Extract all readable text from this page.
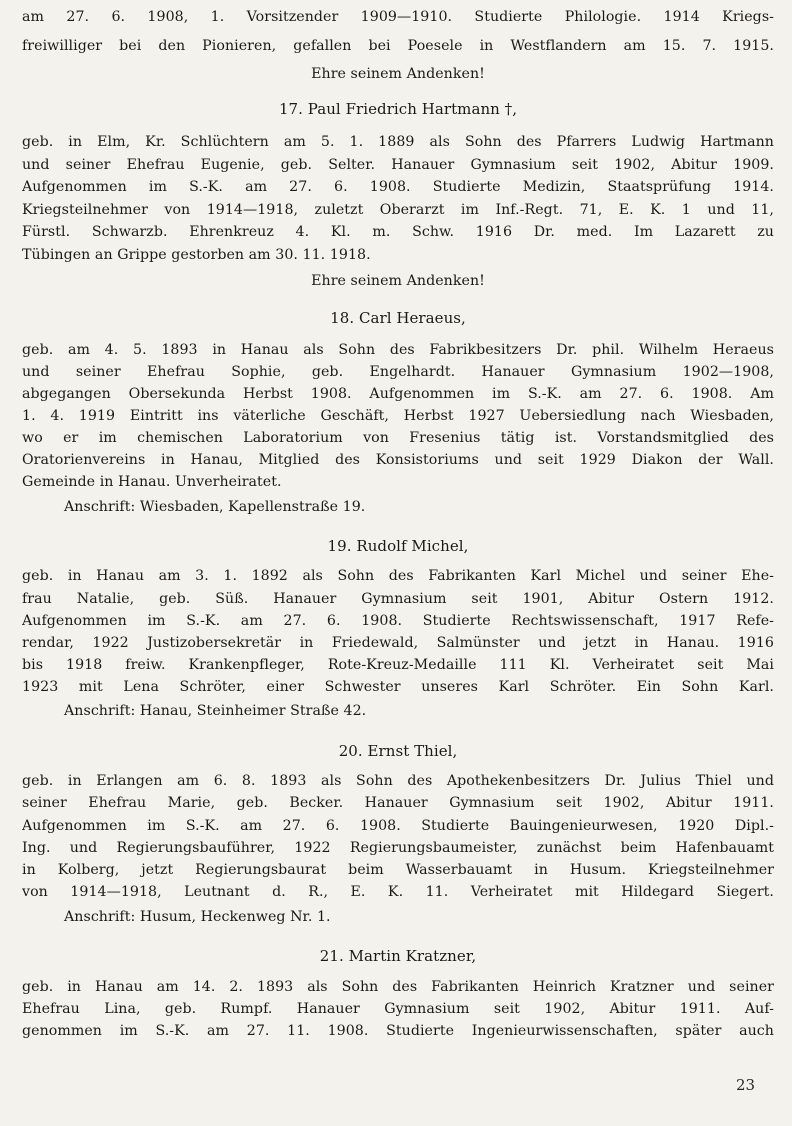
am 27. 6. 1908, 1. Vorsitzender 1909—1910. Studierte Philologie. 1914 Kriegs-
freiwilliger bei den Pionieren, gefallen bei Poesele in Westflandern am 15. 7. 1915.
Ehre seinem Andenken!
17. Paul Friedrich Hartmann †,
geb. in Elm, Kr. Schlüchtern am 5. 1. 1889 als Sohn des Pfarrers Ludwig Hartmann
und seiner Ehefrau Eugenie, geb. Selter. Hanauer Gymnasium seit 1902, Abitur 1909.
Aufgenommen im S.-K. am 27. 6. 1908. Studierte Medizin, Staatsprüfung 1914.
Kriegsteilnehmer von 1914—1918, zuletzt Oberarzt im Inf.-Regt. 71, E. K. 1 und 11,
Fürstl. Schwarzb. Ehrenkreuz 4. Kl. m. Schw. 1916 Dr. med. Im Lazarett zu
Tübingen an Grippe gestorben am 30. 11. 1918.
Ehre seinem Andenken!
18. Carl Heraeus,
geb. am 4. 5. 1893 in Hanau als Sohn des Fabrikbesitzers Dr. phil. Wilhelm Heraeus
und seiner Ehefrau Sophie, geb. Engelhardt. Hanauer Gymnasium 1902—1908,
abgegangen Obersekunda Herbst 1908. Aufgenommen im S.-K. am 27. 6. 1908. Am
1. 4. 1919 Eintritt ins väterliche Geschäft, Herbst 1927 Uebersiedlung nach Wiesbaden,
wo er im chemischen Laboratorium von Fresenius tätig ist. Vorstandsmitglied des
Oratorienvereins in Hanau, Mitglied des Konsistoriums und seit 1929 Diakon der Wall.
Gemeinde in Hanau. Unverheiratet.
Anschrift: Wiesbaden, Kapellenstraße 19.
19. Rudolf Michel,
geb. in Hanau am 3. 1. 1892 als Sohn des Fabrikanten Karl Michel und seiner Ehe-
frau Natalie, geb. Süß. Hanauer Gymnasium seit 1901, Abitur Ostern 1912.
Aufgenommen im S.-K. am 27. 6. 1908. Studierte Rechtswissenschaft, 1917 Refe-
rendar, 1922 Justizobersekretär in Friedewald, Salmünster und jetzt in Hanau. 1916
bis 1918 freiw. Krankenpfleger, Rote-Kreuz-Medaille 111 Kl. Verheiratet seit Mai
1923 mit Lena Schröter, einer Schwester unseres Karl Schröter. Ein Sohn Karl.
Anschrift: Hanau, Steinheimer Straße 42.
20. Ernst Thiel,
geb. in Erlangen am 6. 8. 1893 als Sohn des Apothekenbesitzers Dr. Julius Thiel und
seiner Ehefrau Marie, geb. Becker. Hanauer Gymnasium seit 1902, Abitur 1911.
Aufgenommen im S.-K. am 27. 6. 1908. Studierte Bauingenieurwesen, 1920 Dipl.-
Ing. und Regierungsbauführer, 1922 Regierungsbaumeister, zunächst beim Hafenbauamt
in Kolberg, jetzt Regierungsbaurat beim Wasserbauamt in Husum. Kriegsteilnehmer
von 1914—1918, Leutnant d. R., E. K. 11. Verheiratet mit Hildegard Siegert.
Anschrift: Husum, Heckenweg Nr. 1.
21. Martin Kratzner,
geb. in Hanau am 14. 2. 1893 als Sohn des Fabrikanten Heinrich Kratzner und seiner
Ehefrau Lina, geb. Rumpf. Hanauer Gymnasium seit 1902, Abitur 1911. Auf-
genommen im S.-K. am 27. 11. 1908. Studierte Ingenieurwissenschaften, später auch
23
